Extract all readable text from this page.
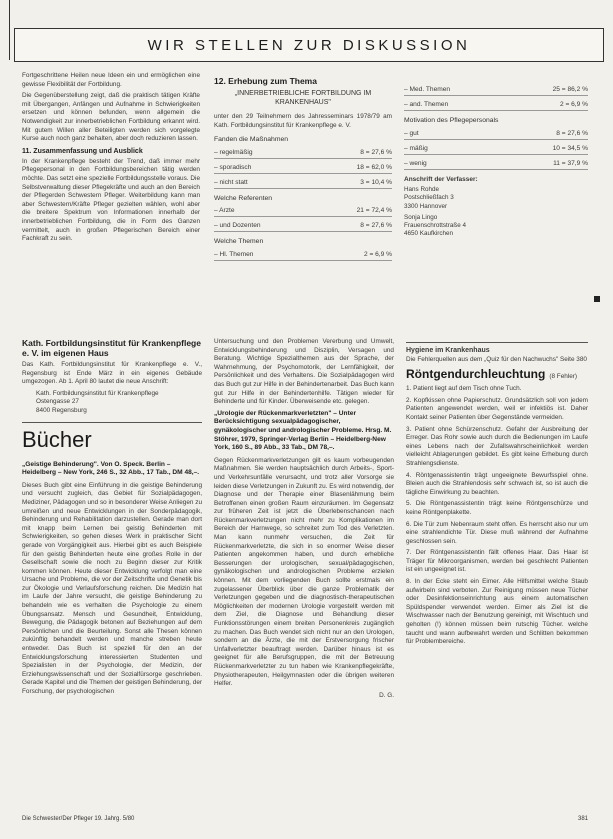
WIR STELLEN ZUR DISKUSSION

Fortgeschrittene Heilen neue Ideen ein und ermöglichen eine gewisse Flexibilität der Fortbildung.

Die Gegenüberstellung zeigt, daß die praktisch tätigen Kräfte mit Übergangen, Anfängen und Aufnahme in Schwierigkeiten ersetzen und können befunden, wenn allgemein die Notwendigkeit zur innerbetrieblichen Fortbildung erkannt wird. Mit gutem Willen aller Beteiligten werden sich vorgelegte Kurse auch noch ganz behalten, aber doch reduzieren lassen.

11. Zusammenfassung und Ausblick

In der Krankenpflege besteht der Trend, daß immer mehr Pflegepersonal in den Fortbildungsbereichen tätig werden möchte. Das setzt eine spezielle Fortbildungsstelle voraus. Die Selbstverwaltung dieser Pflegekräfte und auch an den Bereich der Pflegerden Schwestern Pfleger. Weiterbildung kann man aber Schwestern/Kräfte Pfleger gezielten wählen, wohl aber die breitere Spektrum von Informationen innerhalb der innerbetrieblichen Fortbildung, die in Form des Ganzen vermittelt, auch in großen Pflegerischen Bereich einer Fachkraft zu sein.

12. Erhebung zum Thema
„INNERBETRIEBLICHE FORTBILDUNG IM KRANKENHAUS"

unter den 29 Teilnehmern des Jahresseminars 1978/79 am Kath. Fortbildungsinstitut für Krankenpflege e. V.

Fanden die Maßnahmen
– regelmäßig	8 = 27,6 %
– sporadisch	18 = 62,0 %
– nicht statt	3 = 10,4 %
Welche Referenten
– Arzte	21 = 72,4 %
– und Dozenten	8 = 27,6 %
Welche Themen
– Hl. Themen	2 = 6,9 %
– Med. Themen	25 = 86,2 %
– and. Themen	2 = 6,9 %
Motivation des Pflegepersonals
– gut	8 = 27,6 %
– mäßig	10 = 34,5 %
– wenig	11 = 37,9 %
Anschrift der Verfasser:
Hans Rohde
Postschließfach 3
3300 Hannover
Sonja Lingo
Frauenschrottstraße 4
4650 Kaufkirchen
Kath. Fortbildungsinstitut für Krankenpflege e. V. im eigenen Haus

Das Kath. Fortbildungsinstitut für Krankenpflege e. V., Regensburg ist Ende März in ein eigenes Gebäude umgezogen. Ab 1. April 80 lautet die neue Anschrift:

Kath. Fortbildungsinstitut für Krankenpflege
Ostengasse 27
8400 Regensburg
Bücher
„Geistige Behinderung". Von O. Speck. Berlin – Heidelberg – New York, 246 S., 32 Abb., 17 Tab., DM 48,–.

Dieses Buch gibt eine Einführung in die geistige Behinderung und versucht zugleich, das Gebiet für Sozialpädagogen, Mediziner, Pädagogen und so in besonderer Weise Anliegen zu umreißen und neue Entwicklungen in der Sonderpädagogik, Behinderung und Rehabilitation darzustellen. Gerade man dort mit knapp beim Lernen bei geistig Behinderten mit Schwierigkeiten, so gehen dieses Werk in praktischer Sicht gerade von Vorgängigkeit aus. Hierbei gibt es auch Beispiele für den geistig Behinderten heute eine großes Rolle in der Gesellschaft sowie die noch zu Beginn dieser zur Kritik kommen können. Heute dieser Entwicklung verfolgt man eine Ursache und Probleme, die vor der Zeitschrifte und Genetik bis zur Ökologie und Verlaufsforschung reichen. Die Medizin hat im Laufe der Jahre versucht, die geistige Behinderung zu behandeln wie es verhalten die Psychologie zu einem Übungsansatz. Mensch und Gesundheit, Entwicklung, Bewegung, die Pädagogik betonen auf Beziehungen auf dem Persönlichen und die Beurteilung. Sonst alle Thesen können zukünftig behandelt werden und manche streben heute entweder. Das Buch ist speziell für den an der Entwicklungsforschung interessierten Studenten und Spezialisten in der Psychologie, der Medizin, der Erziehungswissenschaft und der Sozialfürsorge geschrieben. Gerade Kapitel und die Themen der geistigen Behinderung, der Forschung, der psychologischen

Untersuchung und den Problemen Vererbung und Umwelt, Entwicklungsbehinderung und Disziplin, Versagen und Beratung. Wichtige Spezialthemen aus der Sprache, der Wahrnehmung, der Psychomotorik, der Lernfähigkeit, der Persönlichkeit und des Verhaltens. Die Sozialpädagogen wird das Buch gut zur Hilfe in der Behindertenarbeit. Das Buch kann gut zur Hilfe in der Behindertenhilfe. Tätigen wieder für Behinderte und für Kinder. Überweisende etc. gelegen.

„Urologie der Rückenmarkverletzten" – Unter Berücksichtigung sexualpädagogischer, gynäkologischer und andrologischer Probleme. Hrsg. M. Stöhrer, 1979, Springer-Verlag Berlin – Heidelberg-New York, 160 S., 89 Abb., 33 Tab., DM 78,–.

Gegen Rückenmarkverletzungen gilt es kaum vorbeugenden Maßnahmen. Sie werden hauptsächlich durch Arbeits-, Sport- und Verkehrsunfälle verursacht, und trotz aller Vorsorge sie leiden diese Verletzungen in Zukunft zu. Es wird notwendig, der Diagnose und der Therapie einer Blasenlähmung beim Betroffenen einen großen Raum einzuräumen. Im Gegensatz zur früheren Zeit ist jetzt die Überlebenschancen nach Rückenmarkverletzungen nicht mehr zu Komplikationen im Bereich der Harnwege, so schreitet zum Tod des Verletzten. Man kann nunmehr versuchen, die Zeit für Rückenmarkverletzte, die sich in so enormer Weise dieser Patienten angekommen haben, und durch erhebliche Besserungen der urologischen, sexual/pädagogischen, gynäkologischen und andrologischen Probleme erzielen können. Mit dem vorliegenden Buch sollte erstmals ein zugelassener Überblick über die ganze Problematik der Verletzungen gegeben und die diagnostisch-therapeutischen Möglichkeiten der modernen Urologie vorgestellt werden mit dem Ziel, die Diagnose und Behandlung dieser Funktionsstörungen einem breiten Personenkreis zugänglich zu machen. Das Buch wendet sich nicht nur an den Urologen, sondern an die Ärzte, die mit der Erstversorgung frischer Unfallverletzter beauftragt werden. Darüber hinaus ist es geeignet für alle Berufsgruppen, die mit der Betreuung Rückenmarkverletzter zu tun haben wie Krankenpflegekräfte, Physiotherapeuten, Heilgymnasten oder die übrigen weiteren Helfer.

D. G.
Hygiene im Krankenhaus
Die Fehlerquellen aus dem „Quiz für den Nachwuchs" Seite 380
Röntgendurchleuchtung (8 Fehler)
1. Patient liegt auf dem Tisch ohne Tuch.
2. Kopfkissen ohne Papierschutz. Grundsätzlich soll von jedem Patienten angewendet werden, weil er infektiös ist. Daher Kontakt seiner Patienten über Gegenstände vermeiden.
3. Patient ohne Schürzenschutz. Gefahr der Ausbreitung der Erreger. Das Rohr sowie auch durch die Bedienungen im Laufe eines Lebens nach der Zufallswahrscheinlichkeit werden vielleicht Ablagerungen gebildet. Es gibt keine Erhebung durch Strahlengsdienste.
4. Röntgenassistentin trägt ungeeignete Bewurfsspiel ohne. Bleien auch die Strahlendosis sehr schwach ist, so ist auch die tägliche Einwirkung zu beachten.
5. Die Röntgenassistentin trägt keine Röntgenschürze und keine Röntgenplakette.
6. Die Tür zum Nebenraum steht offen. Es herrscht also nur um eine strahlendichte Tür. Diese muß während der Aufnahme geschlossen sein.
7. Der Röntgenassistentin fällt offenes Haar. Das Haar ist Träger für Mikroorganismen, werden bei geschlecht Patienten ist ein ungeeignet ist.
8. In der Ecke steht ein Eimer. Alle Hilfsmittel welche Staub aufwirbeln sind verboten. Zur Reinigung müssen neue Tücher oder Desinfektionseinrichtung aus einem automatischen Spüldspender verwendet werden. Eimer als Ziel ist die Wischwasser nach der Benutzung gereinigt, mit Wischtuch und geholten (!) können müssen beim rutschig Tücher. welche taucht und wann aufbewahrt werden und Schlitten bekommen für Problembereiche.
Die Schwester/Der Pfleger 19. Jahrg. 5/80	381
